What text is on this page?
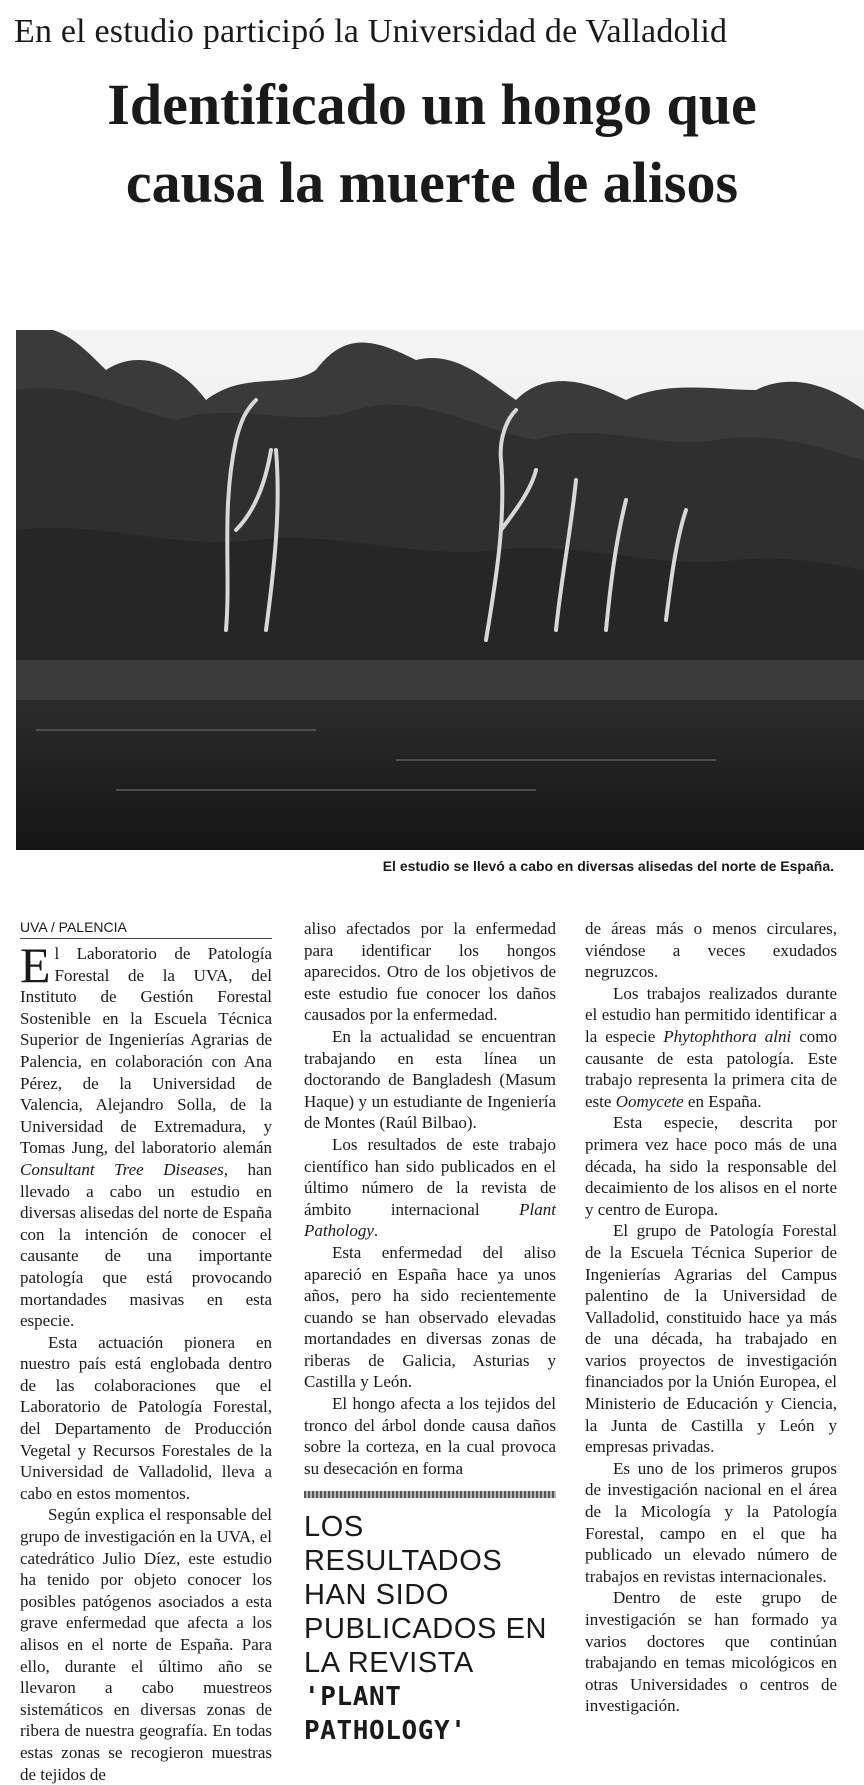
En el estudio participó la Universidad de Valladolid
Identificado un hongo que
causa la muerte de alisos
El estudio se llevó a cabo en diversas alisedas del norte de España.
UVA / PALENCIA

El Laboratorio de Patología Forestal de la UVA, del Instituto de Gestión Forestal Sostenible en la Escuela Técnica Superior de Ingenierías Agrarias de Palencia, en colaboración con Ana Pérez, de la Universidad de Valencia, Alejandro Solla, de la Universidad de Extremadura, y Tomas Jung, del laboratorio alemán Consultant Tree Diseases, han llevado a cabo un estudio en diversas alisedas del norte de España con la intención de conocer el causante de una importante patología que está provocando mortandades masivas en esta especie.

Esta actuación pionera en nuestro país está englobada dentro de las colaboraciones que el Laboratorio de Patología Forestal, del Departamento de Producción Vegetal y Recursos Forestales de la Universidad de Valladolid, lleva a cabo en estos momentos.

Según explica el responsable del grupo de investigación en la UVA, el catedrático Julio Díez, este estudio ha tenido por objeto conocer los posibles patógenos asociados a esta grave enfermedad que afecta a los alisos en el norte de España. Para ello, durante el último año se llevaron a cabo muestreos sistemáticos en diversas zonas de ribera de nuestra geografía. En todas estas zonas se recogieron muestras de tejidos de

aliso afectados por la enfermedad para identificar los hongos aparecidos. Otro de los objetivos de este estudio fue conocer los daños causados por la enfermedad.

En la actualidad se encuentran trabajando en esta línea un doctorando de Bangladesh (Masum Haque) y un estudiante de Ingeniería de Montes (Raúl Bilbao).

Los resultados de este trabajo científico han sido publicados en el último número de la revista de ámbito internacional Plant Pathology.

Esta enfermedad del aliso apareció en España hace ya unos años, pero ha sido recientemente cuando se han observado elevadas mortandades en diversas zonas de riberas de Galicia, Asturias y Castilla y León.

El hongo afecta a los tejidos del tronco del árbol donde causa daños sobre la corteza, en la cual provoca su desecación en forma

LOS RESULTADOS HAN SIDO PUBLICADOS EN LA REVISTA
'PLANT PATHOLOGY'

de áreas más o menos circulares, viéndose a veces exudados negruzcos.

Los trabajos realizados durante el estudio han permitido identificar a la especie Phytophthora alni como causante de esta patología. Este trabajo representa la primera cita de este Oomycete en España.

Esta especie, descrita por primera vez hace poco más de una década, ha sido la responsable del decaimiento de los alisos en el norte y centro de Europa.

El grupo de Patología Forestal de la Escuela Técnica Superior de Ingenierías Agrarias del Campus palentino de la Universidad de Valladolid, constituido hace ya más de una década, ha trabajado en varios proyectos de investigación financiados por la Unión Europea, el Ministerio de Educación y Ciencia, la Junta de Castilla y León y empresas privadas.

Es uno de los primeros grupos de investigación nacional en el área de la Micología y la Patología Forestal, campo en el que ha publicado un elevado número de trabajos en revistas internacionales.

Dentro de este grupo de investigación se han formado ya varios doctores que continúan trabajando en temas micológicos en otras Universidades o centros de investigación.
